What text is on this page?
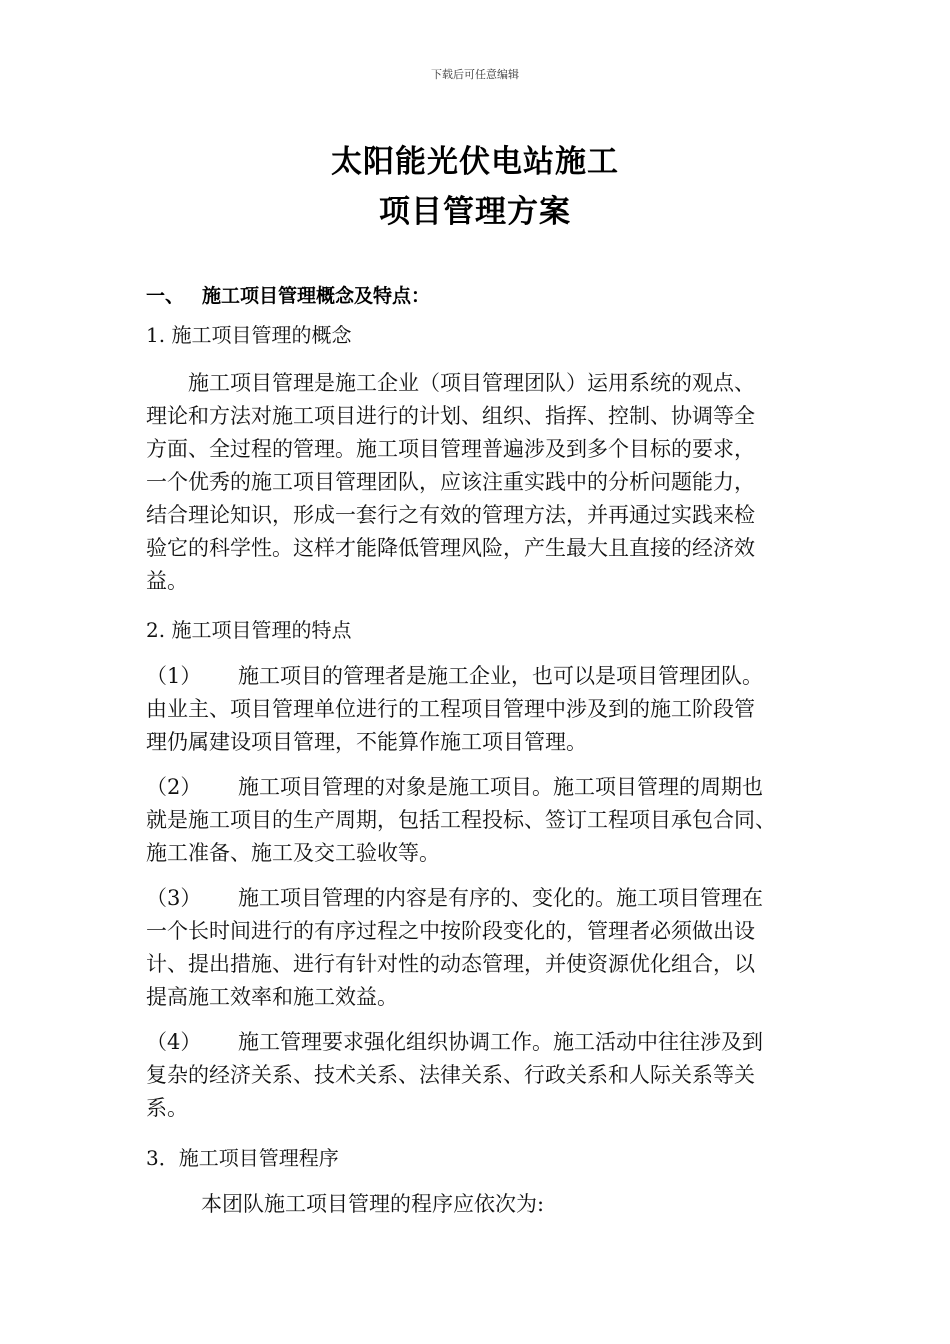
下载后可任意编辑
太阳能光伏电站施工
项目管理方案
一、 施工项目管理概念及特点：
1. 施工项目管理的概念
施工项目管理是施工企业（项目管理团队）运用系统的观点、
理论和方法对施工项目进行的计划、组织、指挥、控制、协调等全
方面、全过程的管理。施工项目管理普遍涉及到多个目标的要求，
一个优秀的施工项目管理团队，应该注重实践中的分析问题能力，
结合理论知识，形成一套行之有效的管理方法，并再通过实践来检
验它的科学性。这样才能降低管理风险，产生最大且直接的经济效
益。
2. 施工项目管理的特点
（1） 施工项目的管理者是施工企业，也可以是项目管理团队。
由业主、项目管理单位进行的工程项目管理中涉及到的施工阶段管
理仍属建设项目管理，不能算作施工项目管理。
（2） 施工项目管理的对象是施工项目。施工项目管理的周期也
就是施工项目的生产周期，包括工程投标、签订工程项目承包合同、
施工准备、施工及交工验收等。
（3） 施工项目管理的内容是有序的、变化的。施工项目管理在
一个长时间进行的有序过程之中按阶段变化的，管理者必须做出设
计、提出措施、进行有针对性的动态管理，并使资源优化组合，以
提高施工效率和施工效益。
（4） 施工管理要求强化组织协调工作。施工活动中往往涉及到
复杂的经济关系、技术关系、法律关系、行政关系和人际关系等关
系。
3．施工项目管理程序
本团队施工项目管理的程序应依次为:
